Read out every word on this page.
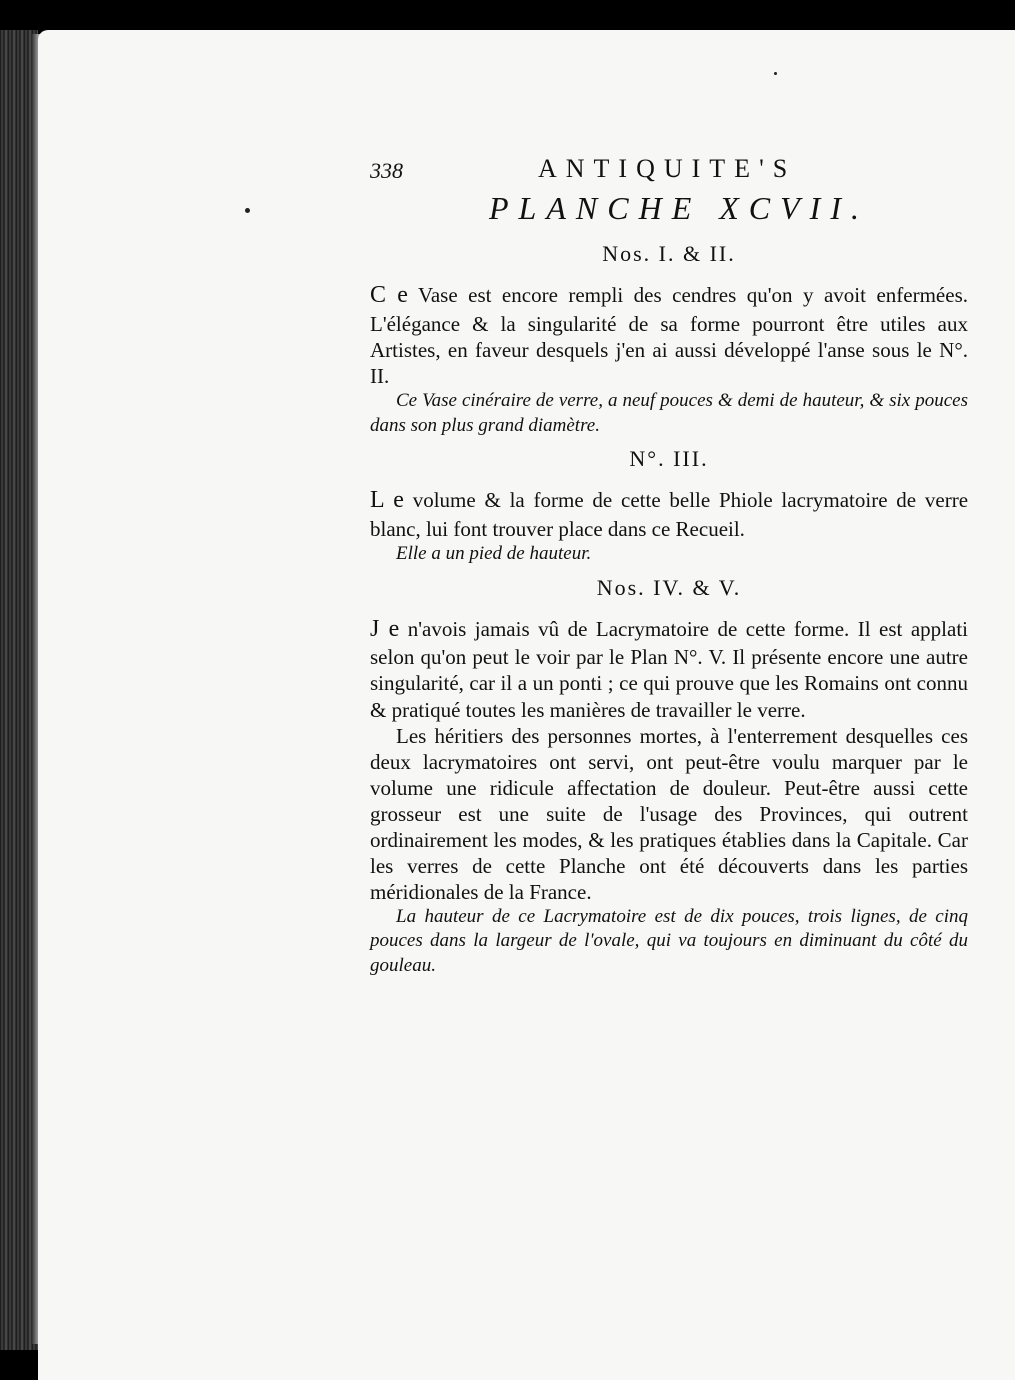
338	ANTIQUITE'S
PLANCHE XCVII.
Nos. I. & II.

C e Vase est encore rempli des cendres qu'on y avoit enfermées. L'élégance & la singularité de sa forme pourront être utiles aux Artistes, en faveur desquels j'en ai aussi développé l'anse sous le N°. II.

Ce Vase cinéraire de verre, a neuf pouces & demi de hauteur, & six pouces dans son plus grand diamètre.

N°. III.

L e volume & la forme de cette belle Phiole lacrymatoire de verre blanc, lui font trouver place dans ce Recueil.

Elle a un pied de hauteur.

Nos. IV. & V.

J e n'avois jamais vû de Lacrymatoire de cette forme. Il est applati selon qu'on peut le voir par le Plan N°. V. Il présente encore une autre singularité, car il a un ponti ; ce qui prouve que les Romains ont connu & pratiqué toutes les manières de travailler le verre.

Les héritiers des personnes mortes, à l'enterrement desquelles ces deux lacrymatoires ont servi, ont peut-être voulu marquer par le volume une ridicule affectation de douleur. Peut-être aussi cette grosseur est une suite de l'usage des Provinces, qui outrent ordinairement les modes, & les pratiques établies dans la Capitale. Car les verres de cette Planche ont été découverts dans les parties méridionales de la France.

La hauteur de ce Lacrymatoire est de dix pouces, trois lignes, de cinq pouces dans la largeur de l'ovale, qui va toujours en diminuant du côté du gouleau.
